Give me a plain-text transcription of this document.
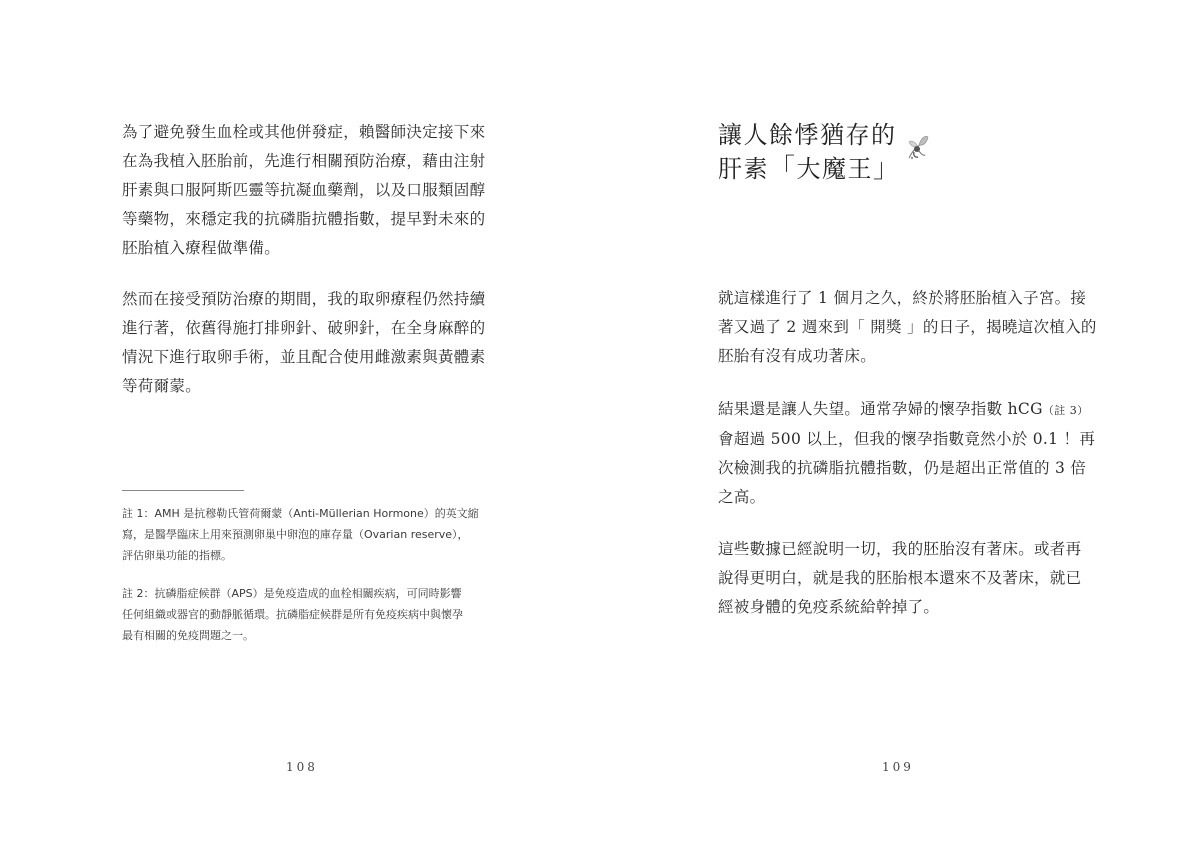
為了避免發生血栓或其他併發症，賴醫師決定接下來
在為我植入胚胎前，先進行相關預防治療，藉由注射
肝素與口服阿斯匹靈等抗凝血藥劑，以及口服類固醇
等藥物，來穩定我的抗磷脂抗體指數，提早對未來的
胚胎植入療程做準備。
然而在接受預防治療的期間，我的取卵療程仍然持續
進行著，依舊得施打排卵針、破卵針，在全身麻醉的
情況下進行取卵手術，並且配合使用雌激素與黃體素
等荷爾蒙。
註 1：AMH 是抗穆勒氏管荷爾蒙（Anti-Müllerian Hormone）的英文縮
寫，是醫學臨床上用來預測卵巢中卵泡的庫存量（Ovarian reserve），
評估卵巢功能的指標。
註 2：抗磷脂症候群（APS）是免疫造成的血栓相關疾病，可同時影響
任何組織或器官的動靜脈循環。抗磷脂症候群是所有免疫疾病中與懷孕
最有相關的免疫問題之一。
108
讓人餘悸猶存的
肝素「大魔王」
就這樣進行了 1 個月之久，終於將胚胎植入子宮。接
著又過了 2 週來到「 開獎 」的日子，揭曉這次植入的
胚胎有沒有成功著床。
結果還是讓人失望。通常孕婦的懷孕指數 hCG（註 3）
會超過 500 以上，但我的懷孕指數竟然小於 0.1 ！再
次檢測我的抗磷脂抗體指數，仍是超出正常值的 3 倍
之高。
這些數據已經說明一切，我的胚胎沒有著床。或者再
說得更明白，就是我的胚胎根本還來不及著床，就已
經被身體的免疫系統給幹掉了。
109
